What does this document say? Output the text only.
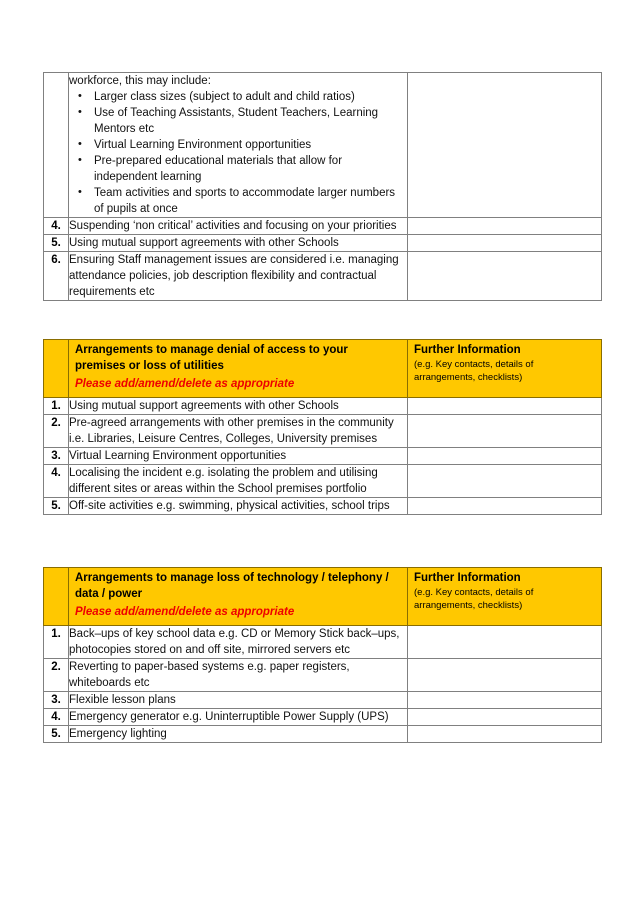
workforce, this may include:

• Larger class sizes (subject to adult and child ratios)
• Use of Teaching Assistants, Student Teachers, Learning Mentors etc
• Virtual Learning Environment opportunities
• Pre-prepared educational materials that allow for independent learning
• Team activities and sports to accommodate larger numbers of pupils at once

4.	Suspending ‘non critical’ activities and focusing on your priorities	
5.	Using mutual support agreements with other Schools	
6.	Ensuring Staff management issues are considered i.e. managing attendance policies, job description flexibility and contractual requirements etc	

Arrangements to manage denial of access to your premises or loss of utilities

Please add/amend/delete as appropriate

Further Information

(e.g. Key contacts, details of arrangements, checklists)

1.	Using mutual support agreements with other Schools	
2.	Pre-agreed arrangements with other premises in the community i.e. Libraries, Leisure Centres, Colleges, University premises	
3.	Virtual Learning Environment opportunities	
4.	Localising the incident e.g. isolating the problem and utilising different sites or areas within the School premises portfolio	
5.	Off-site activities e.g. swimming, physical activities, school trips	

Arrangements to manage loss of technology / telephony / data / power

Please add/amend/delete as appropriate

Further Information

(e.g. Key contacts, details of arrangements, checklists)

1.	Back–ups of key school data e.g. CD or Memory Stick back–ups, photocopies stored on and off site, mirrored servers etc	
2.	Reverting to paper-based systems e.g. paper registers, whiteboards etc	
3.	Flexible lesson plans	
4.	Emergency generator e.g. Uninterruptible Power Supply (UPS)	
5.	Emergency lighting	
